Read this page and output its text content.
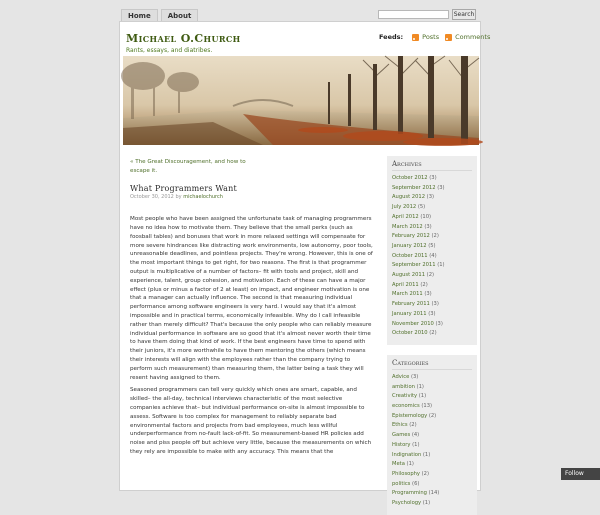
Home	About	Search
Michael O.Church
Rants, essays, and diatribes.
Feeds:	Posts Comments
« The Great Discouragement, and how to escape it.
What Programmers Want
October 30, 2012 by michaelochurch
Most people who have been assigned the unfortunate task of managing programmers have no idea how to motivate them. They believe that the small perks (such as foosball tables) and bonuses that work in more relaxed settings will compensate for more severe hindrances like distracting work environments, low autonomy, poor tools, unreasonable deadlines, and pointless projects. They're wrong. However, this is one of the most important things to get right, for two reasons. The first is that programmer output is multiplicative of a number of factors– fit with tools and project, skill and experience, talent, group cohesion, and motivation. Each of these can have a major effect (plus or minus a factor of 2 at least) on impact, and engineer motivation is one that a manager can actually influence. The second is that measuring individual performance among software engineers is very hard. I would say that it's almost impossible and in practical terms, economically infeasible. Why do I call infeasible rather than merely difficult? That's because the only people who can reliably measure individual performance in software are so good that it's almost never worth their time to have them doing that kind of work. If the best engineers have time to spend with their juniors, it's more worthwhile to have them mentoring the others (which means their interests will align with the employees rather than the company trying to perform such measurement) than measuring them, the latter being a task they will resent having assigned to them.
Seasoned programmers can tell very quickly which ones are smart, capable, and skilled– the all-day, technical interviews characteristic of the most selective companies achieve that– but individual performance on-site is almost impossible to assess. Software is too complex for management to reliably separate bad environmental factors and projects from bad employees, much less willful underperformance from no-fault lack-of-fit. So measurement-based HR policies add noise and piss people off but achieve very little, because the measurements on which they rely are impossible to make with any accuracy. This means that the
Archives
October 2012 (3)
September 2012 (3)
August 2012 (3)
July 2012 (5)
April 2012 (10)
March 2012 (3)
February 2012 (2)
January 2012 (5)
October 2011 (4)
September 2011 (1)
August 2011 (2)
April 2011 (2)
March 2011 (3)
February 2011 (3)
January 2011 (3)
November 2010 (3)
October 2010 (2)
Categories
Advice (3)
ambition (1)
Creativity (1)
economics (13)
Epistemology (2)
Ethics (2)
Games (4)
History (1)
Indignation (1)
Meta (1)
Philosophy (2)
politics (6)
Programming (14)
Psychology (1)
Follow
